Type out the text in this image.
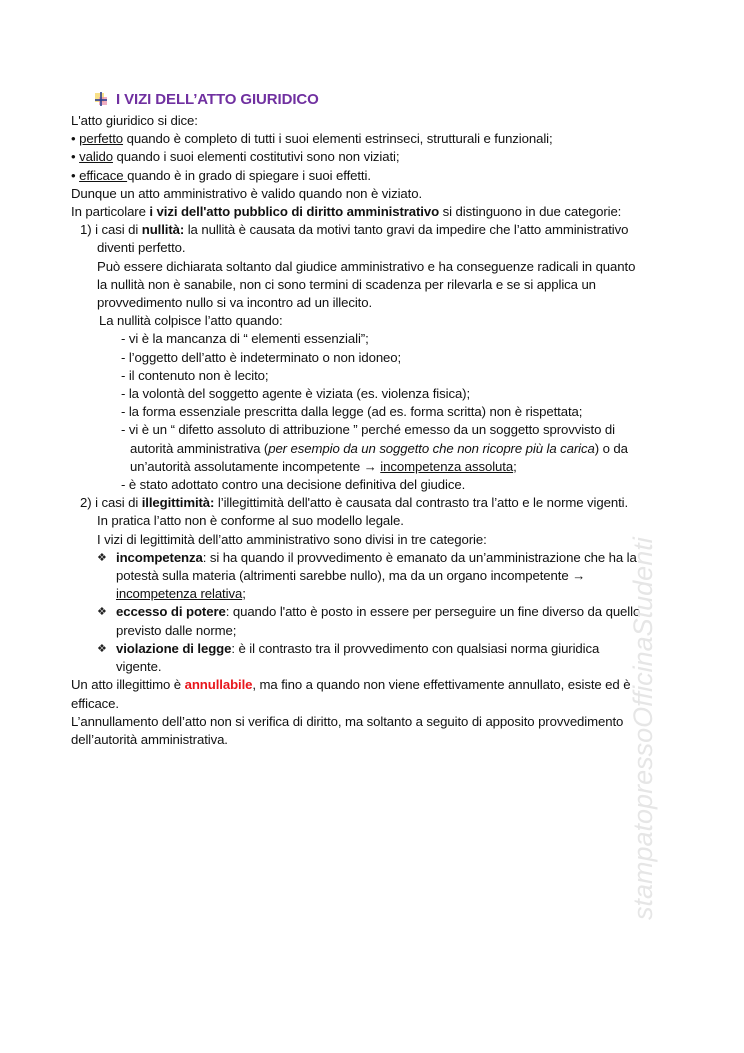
I VIZI DELL’ATTO GIURIDICO
L'atto giuridico si dice:
• perfetto quando è completo di tutti i suoi elementi estrinseci, strutturali e funzionali;
• valido quando i suoi elementi costitutivi sono non viziati;
• efficace quando è in grado di spiegare i suoi effetti.
Dunque un atto amministrativo è valido quando non è viziato.
In particolare i vizi dell'atto pubblico di diritto amministrativo si distinguono in due categorie:
1) i casi di nullità: la nullità è causata da motivi tanto gravi da impedire che l’atto amministrativo
diventi perfetto.
Può essere dichiarata soltanto dal giudice amministrativo e ha conseguenze radicali in quanto
la nullità non è sanabile, non ci sono termini di scadenza per rilevarla e se si applica un
provvedimento nullo si va incontro ad un illecito.
La nullità colpisce l’atto quando:
- vi è la mancanza di “ elementi essenziali”;
- l’oggetto dell’atto è indeterminato o non idoneo;
- il contenuto non è lecito;
- la volontà del soggetto agente è viziata (es. violenza fisica);
- la forma essenziale prescritta dalla legge (ad es. forma scritta) non è rispettata;
- vi è un “ difetto assoluto di attribuzione ” perché emesso da un soggetto sprovvisto di
autorità amministrativa (per esempio da un soggetto che non ricopre più la carica) o da
un’autorità assolutamente incompetente → incompetenza assoluta;
- è stato adottato contro una decisione definitiva del giudice.
2) i casi di illegittimità: l’illegittimità dell'atto è causata dal contrasto tra l’atto e le norme vigenti.
In pratica l’atto non è conforme al suo modello legale.
I vizi di legittimità dell’atto amministrativo sono divisi in tre categorie:
❖ incompetenza: si ha quando il provvedimento è emanato da un’amministrazione che ha la
potestà sulla materia (altrimenti sarebbe nullo), ma da un organo incompetente →
incompetenza relativa;
❖ eccesso di potere: quando l'atto è posto in essere per perseguire un fine diverso da quello
previsto dalle norme;
❖ violazione di legge: è il contrasto tra il provvedimento con qualsiasi norma giuridica
vigente.
Un atto illegittimo è annullabile, ma fino a quando non viene effettivamente annullato, esiste ed è
efficace.
L’annullamento dell’atto non si verifica di diritto, ma soltanto a seguito di apposito provvedimento
dell’autorità amministrativa.	stampatopressoOfficinaStudenti
